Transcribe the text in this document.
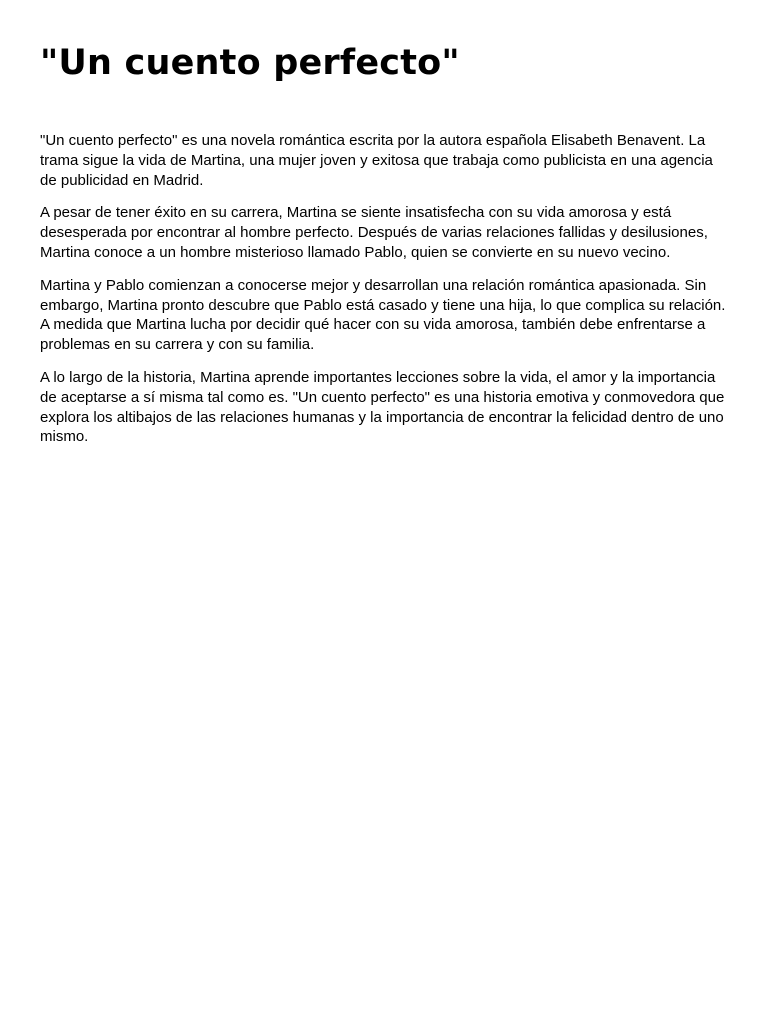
"Un cuento perfecto"

"Un cuento perfecto" es una novela romántica escrita por la autora española Elisabeth Benavent. La trama sigue la vida de Martina, una mujer joven y exitosa que trabaja como publicista en una agencia de publicidad en Madrid.

A pesar de tener éxito en su carrera, Martina se siente insatisfecha con su vida amorosa y está desesperada por encontrar al hombre perfecto. Después de varias relaciones fallidas y desilusiones, Martina conoce a un hombre misterioso llamado Pablo, quien se convierte en su nuevo vecino.

Martina y Pablo comienzan a conocerse mejor y desarrollan una relación romántica apasionada. Sin embargo, Martina pronto descubre que Pablo está casado y tiene una hija, lo que complica su relación. A medida que Martina lucha por decidir qué hacer con su vida amorosa, también debe enfrentarse a problemas en su carrera y con su familia.

A lo largo de la historia, Martina aprende importantes lecciones sobre la vida, el amor y la importancia de aceptarse a sí misma tal como es. "Un cuento perfecto" es una historia emotiva y conmovedora que explora los altibajos de las relaciones humanas y la importancia de encontrar la felicidad dentro de uno mismo.
